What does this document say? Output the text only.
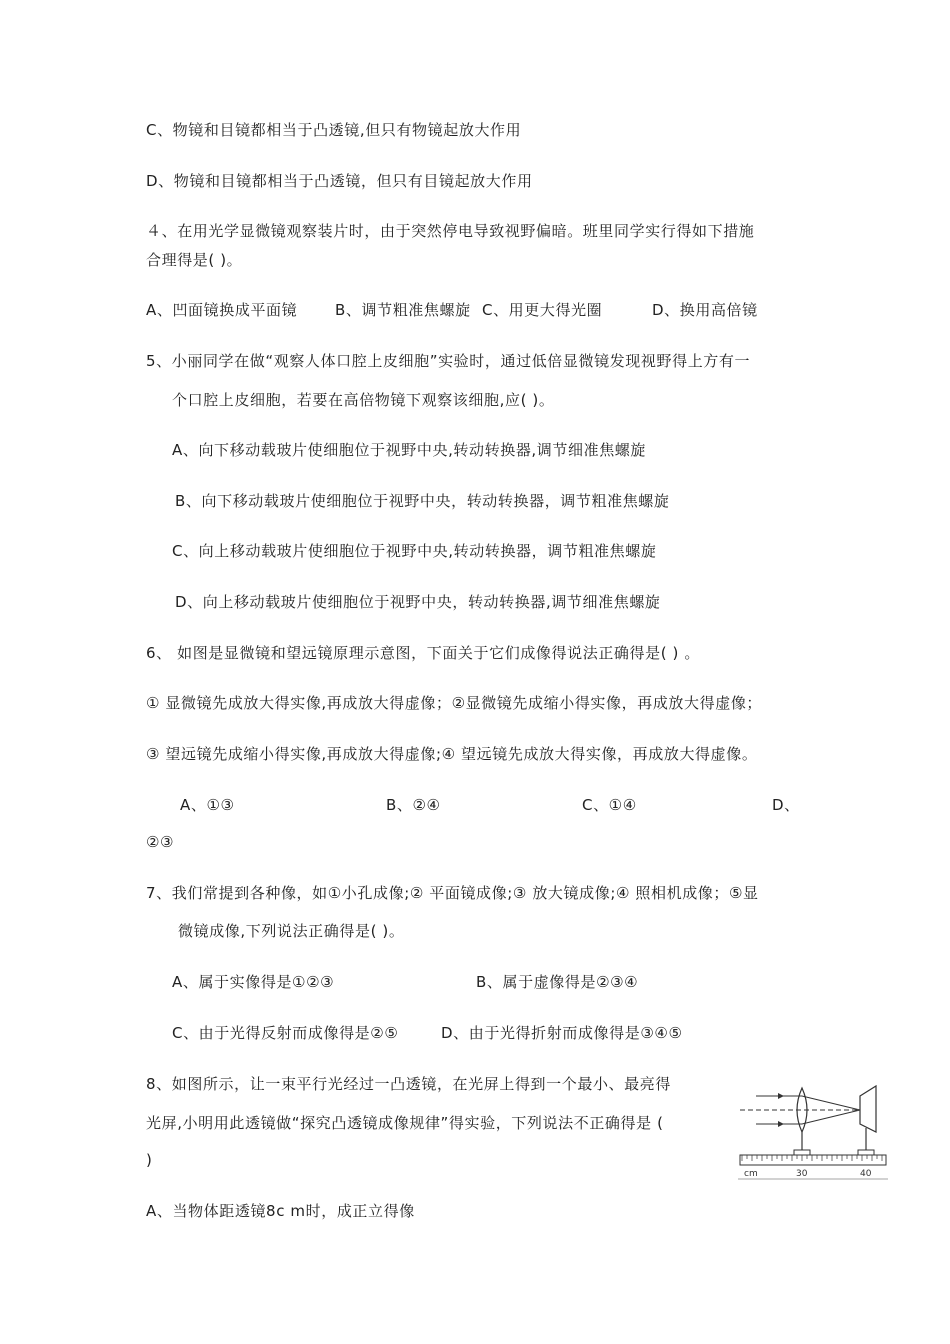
C、物镜和目镜都相当于凸透镜,但只有物镜起放大作用
D、物镜和目镜都相当于凸透镜，但只有目镜起放大作用
４、在用光学显微镜观察装片时，由于突然停电导致视野偏暗。班里同学实行得如下措施
合理得是( )。
A、凹面镜换成平面镜	B、调节粗准焦螺旋 C、用更大得光圈	D、换用高倍镜
5、小丽同学在做“观察人体口腔上皮细胞”实验时，通过低倍显微镜发现视野得上方有一
个口腔上皮细胞，若要在高倍物镜下观察该细胞,应( )。
A、向下移动载玻片使细胞位于视野中央,转动转换器,调节细准焦螺旋
B、向下移动载玻片使细胞位于视野中央，转动转换器，调节粗准焦螺旋
C、向上移动载玻片使细胞位于视野中央,转动转换器，调节粗准焦螺旋
D、向上移动载玻片使细胞位于视野中央，转动转换器,调节细准焦螺旋
6、 如图是显微镜和望远镜原理示意图，下面关于它们成像得说法正确得是( ) 。
① 显微镜先成放大得实像,再成放大得虚像；②显微镜先成缩小得实像，再成放大得虚像；
③ 望远镜先成缩小得实像,再成放大得虚像;④ 望远镜先成放大得实像，再成放大得虚像。
A、①③	B、②④	C、①④	D、
②③
7、我们常提到各种像，如①小孔成像;② 平面镜成像;③ 放大镜成像;④ 照相机成像；⑤显
微镜成像,下列说法正确得是( )。
A、属于实像得是①②③	B、属于虚像得是②③④
C、由于光得反射而成像得是②⑤	D、由于光得折射而成像得是③④⑤
8、如图所示，让一束平行光经过一凸透镜，在光屏上得到一个最小、最亮得
光屏,小明用此透镜做“探究凸透镜成像规律”得实验，下列说法不正确得是 (
)
A、当物体距透镜8c m时，成正立得像
cm	30	40
